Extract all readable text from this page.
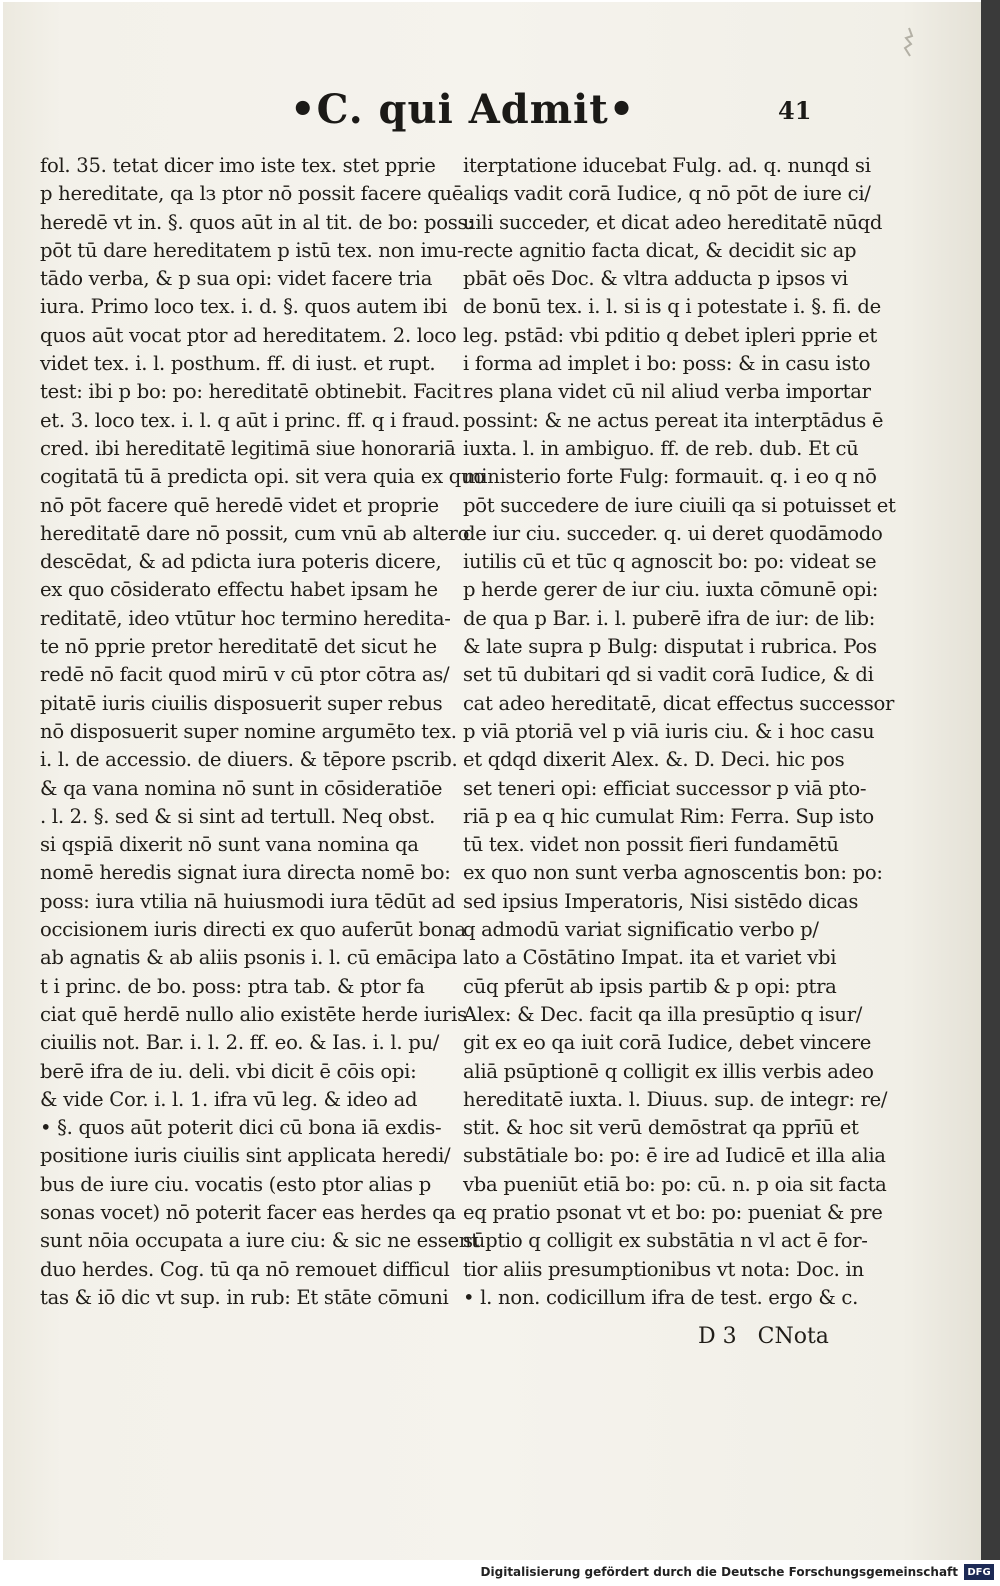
•C. qui Admit•	41
fol. 35. tetat dicer imo iste tex. stet pprie
p hereditate, qa lз ptor nō possit facere quē
heredē vt in. §. quos aūt in al tit. de bo: poss:
pōt tū dare hereditatem p istū tex. non imu-
tādo verba, & p sua opi: videt facere tria
iura. Primo loco tex. i. d. §. quos autem ibi
quos aūt vocat ptor ad hereditatem. 2. loco
videt tex. i. l. posthum. ff. di iust. et rupt.
test: ibi p bo: po: hereditatē obtinebit. Facit
et. 3. loco tex. i. l. q aūt i princ. ff. q i fraud.
cred. ibi hereditatē legitimā siue honorariā
cogitatā tū ā predicta opi. sit vera quia ex quo
nō pōt facere quē heredē videt et proprie
hereditatē dare nō possit, cum vnū ab altero
descēdat, & ad pdicta iura poteris dicere,
ex quo cōsiderato effectu habet ipsam he
reditatē, ideo vtūtur hoc termino heredita-
te nō pprie pretor hereditatē det sicut he
redē nō facit quod mirū v cū ptor cōtra as/
pitatē iuris ciuilis disposuerit super rebus
nō disposuerit super nomine argumēto tex.
i. l. de accessio. de diuers. & tēpore pscrib.
& qa vana nomina nō sunt in cōsideratiōe
. l. 2. §. sed & si sint ad tertull. Neq obst.
si qspiā dixerit nō sunt vana nomina qa
nomē heredis signat iura directa nomē bo:
poss: iura vtilia nā huiusmodi iura tēdūt ad
occisionem iuris directi ex quo auferūt bona
ab agnatis & ab aliis psonis i. l. cū emācipa
t i princ. de bo. poss: ptra tab. & ptor fa
ciat quē herdē nullo alio existēte herde iuris
ciuilis not. Bar. i. l. 2. ff. eo. & Ias. i. l. pu/
berē ifra de iu. deli. vbi dicit ē cōis opi:
& vide Cor. i. l. 1. ifra vū leg. & ideo ad
• §. quos aūt poterit dici cū bona iā exdis-
positione iuris ciuilis sint applicata heredi/
bus de iure ciu. vocatis (esto ptor alias p
sonas vocet) nō poterit facer eas herdes qa
sunt nōia occupata a iure ciu: & sic ne essent
duo herdes. Cog. tū qa nō remouet difficul
tas & iō dic vt sup. in rub: Et stāte cōmuni
iterptatione iducebat Fulg. ad. q. nunqd si
aliqs vadit corā Iudice, q nō pōt de iure ci/
uili succeder, et dicat adeo hereditatē nūqd
recte agnitio facta dicat, & decidit sic ap
pbāt oēs Doc. & vltra adducta p ipsos vi
de bonū tex. i. l. si is q i potestate i. §. fi. de
leg. pstād: vbi pditio q debet ipleri pprie et
i forma ad implet i bo: poss: & in casu isto
res plana videt cū nil aliud verba importar
possint: & ne actus pereat ita interptādus ē
iuxta. l. in ambiguo. ff. de reb. dub. Et cū
ministerio forte Fulg: formauit. q. i eo q nō
pōt succedere de iure ciuili qa si potuisset et
de iur ciu. succeder. q. ui deret quodāmodo
iutilis cū et tūc q agnoscit bo: po: videat se
p herde gerer de iur ciu. iuxta cōmunē opi:
de qua p Bar. i. l. puberē ifra de iur: de lib:
& late supra p Bulg: disputat i rubrica. Pos
set tū dubitari qd si vadit corā Iudice, & di
cat adeo hereditatē, dicat effectus successor
p viā ptoriā vel p viā iuris ciu. & i hoc casu
et qdqd dixerit Alex. &. D. Deci. hic pos
set teneri opi: efficiat successor p viā pto-
riā p ea q hic cumulat Rim: Ferra. Sup isto
tū tex. videt non possit fieri fundamētū
ex quo non sunt verba agnoscentis bon: po:
sed ipsius Imperatoris, Nisi sistēdo dicas
q admodū variat significatio verbo p/
lato a Cōstātino Impat. ita et variet vbi
cūq pferūt ab ipsis partib & p opi: ptra
Alex: & Dec. facit qa illa presūptio q isur/
git ex eo qa iuit corā Iudice, debet vincere
aliā psūptionē q colligit ex illis verbis adeo
hereditatē iuxta. l. Diuus. sup. de integr: re/
stit. & hoc sit verū demōstrat qa pprīū et
substātiale bo: po: ē ire ad Iudicē et illa alia
vba pueniūt etiā bo: po: cū. n. p oia sit facta
eq pratio psonat vt et bo: po: pueniat & pre
sūptio q colligit ex substātia n vl act ē for-
tior aliis presumptionibus vt nota: Doc. in
• l. non. codicillum ifra de test. ergo & c.
D 3 CNota
Digitalisierung gefördert durch die Deutsche Forschungsgemeinschaft DFG
